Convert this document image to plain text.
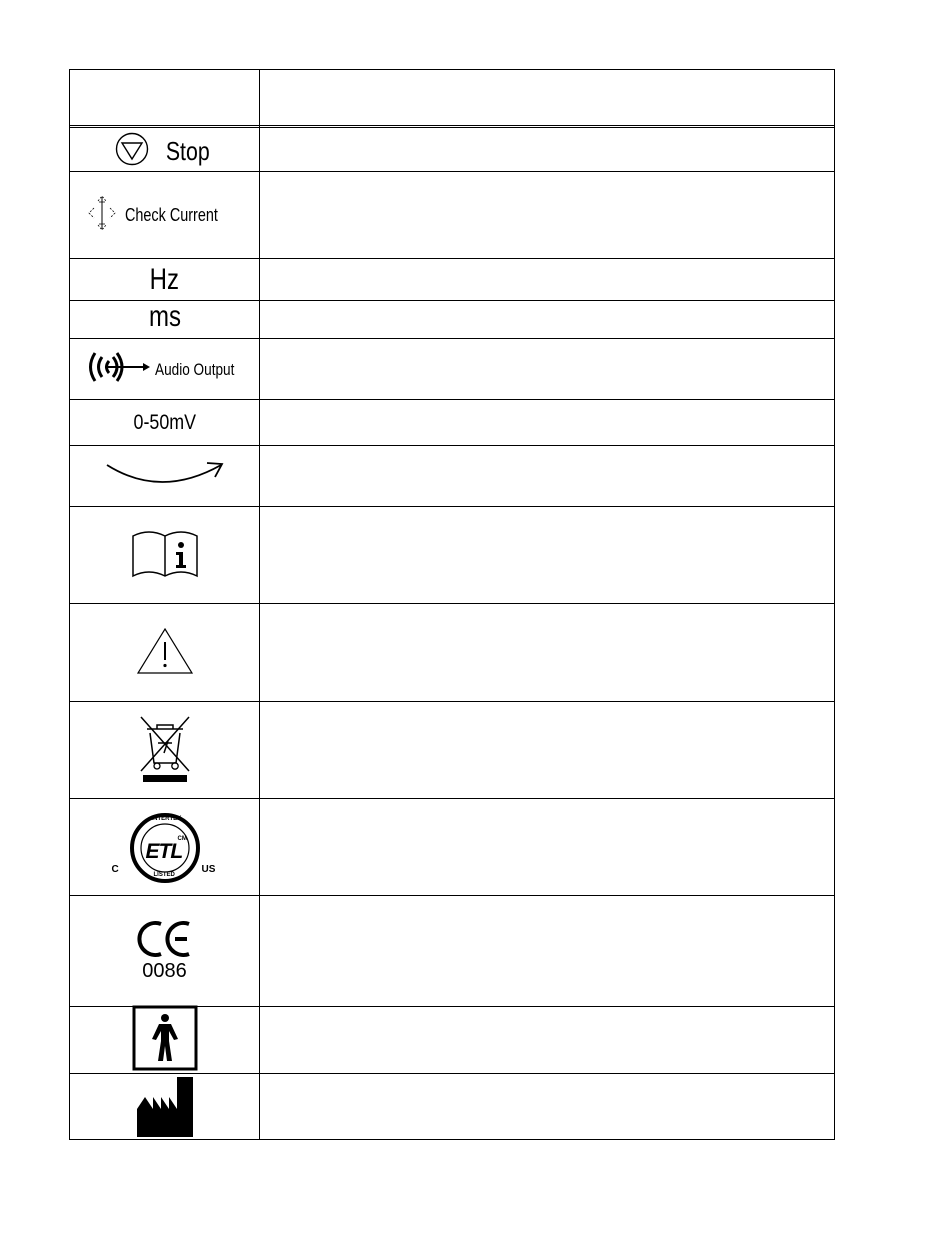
Stop
Check Current
Hz
ms
Audio Output
0-50mV
ETL
INTERTEK
LISTED
CM
C	US
0086
